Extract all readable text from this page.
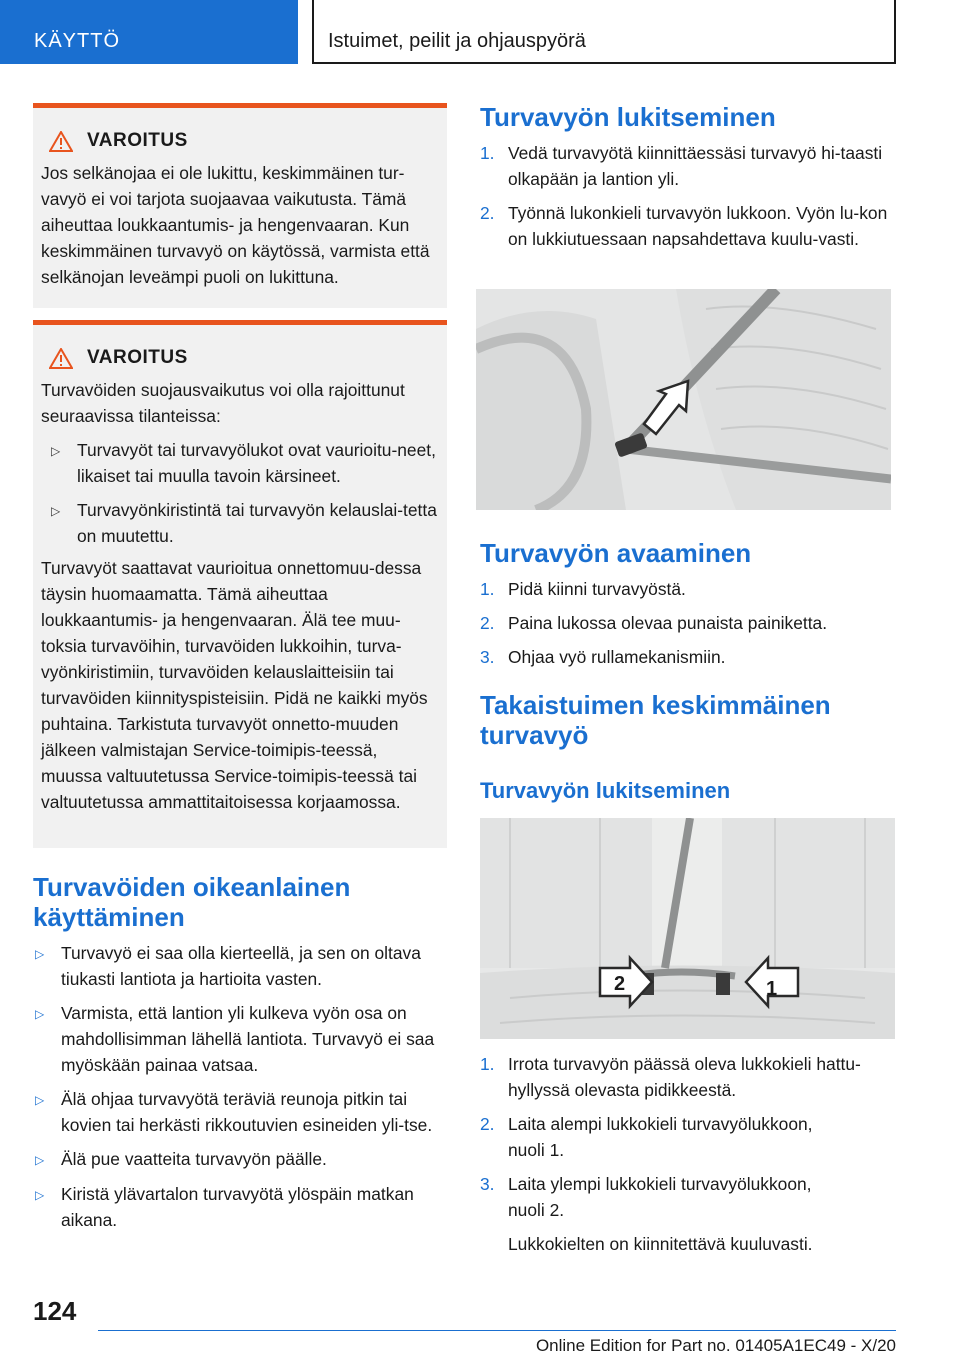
KÄYTTÖ	Istuimet, peilit ja ohjauspyörä
VAROITUS

Jos selkänojaa ei ole lukittu, keskimmäinen tur-vavyö ei voi tarjota suojaavaa vaikutusta. Tämä aiheuttaa loukkaantumis- ja hengenvaaran. Kun keskimmäinen turvavyö on käytössä, varmista että selkänojan leveämpi puoli on lukittuna.

VAROITUS

Turvavöiden suojausvaikutus voi olla rajoittunut seuraavissa tilanteissa:

▷ Turvavyöt tai turvavyölukot ovat vaurioitu-neet, likaiset tai muulla tavoin kärsineet.
▷ Turvavyönkiristintä tai turvavyön kelauslai-tetta on muutettu.

Turvavyöt saattavat vaurioitua onnettomuu-dessa täysin huomaamatta. Tämä aiheuttaa loukkaantumis- ja hengenvaaran. Älä tee muu-toksia turvavöihin, turvavöiden lukkoihin, turva-vyönkiristimiin, turvavöiden kelauslaitteisiin tai turvavöiden kiinnityspisteisiin. Pidä ne kaikki myös puhtaina. Tarkistuta turvavyöt onnetto-muuden jälkeen valmistajan Service-toimipis-teessä, muussa valtuutetussa Service-toimipis-teessä tai valtuutetussa ammattitaitoisessa korjaamossa.

Turvavöiden oikeanlainen käyttäminen
▷ Turvavyö ei saa olla kierteellä, ja sen on oltava tiukasti lantiota ja hartioita vasten.
▷ Varmista, että lantion yli kulkeva vyön osa on mahdollisimman lähellä lantiota. Turvavyö ei saa myöskään painaa vatsaa.
▷ Älä ohjaa turvavyötä teräviä reunoja pitkin tai kovien tai herkästi rikkoutuvien esineiden yli-tse.
▷ Älä pue vaatteita turvavyön päälle.
▷ Kiristä ylävartalon turvavyötä ylöspäin matkan aikana.
Turvavyön lukitseminen
1. Vedä turvavyötä kiinnittäessäsi turvavyö hi-taasti olkapään ja lantion yli.
2. Työnnä lukonkieli turvavyön lukkoon. Vyön lu-kon on lukkiutuessaan napsahdettava kuulu-vasti.
Turvavyön avaaminen
1. Pidä kiinni turvavyöstä.
2. Paina lukossa olevaa punaista painiketta.
3. Ohjaa vyö rullamekanismiin.
Takaistuimen keskimmäinen turvavyö
Turvavyön lukitseminen
2	1
1. Irrota turvavyön päässä oleva lukkokieli hattu-hyllyssä olevasta pidikkeestä.
2. Laita alempi lukkokieli turvavyölukkoon, nuoli 1.
3. Laita ylempi lukkokieli turvavyölukkoon, nuoli 2.
Lukkokielten on kiinnitettävä kuuluvasti.
124
Online Edition for Part no. 01405A1EC49 - X/20
